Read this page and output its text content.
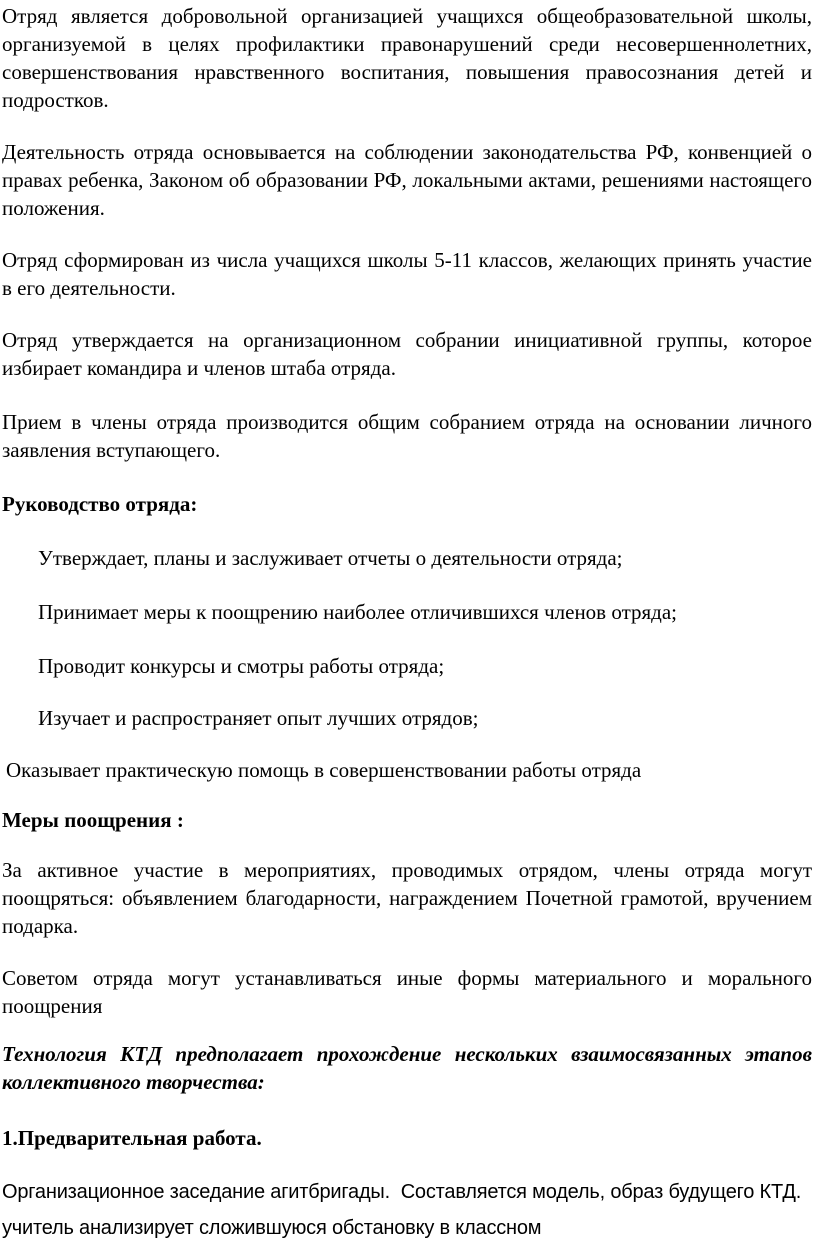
Отряд является добровольной организацией учащихся общеобразовательной школы, организуемой в целях профилактики правонарушений среди несовершеннолетних, совершенствования нравственного воспитания, повышения правосознания детей и подростков.

Деятельность отряда основывается на соблюдении законодательства РФ, конвенцией о правах ребенка, Законом об образовании РФ, локальными актами, решениями настоящего положения.

Отряд сформирован из числа учащихся школы 5-11 классов, желающих принять участие в его деятельности.

Отряд утверждается на организационном собрании инициативной группы, которое избирает командира и членов штаба отряда.

Прием в члены отряда производится общим собранием отряда на основании личного заявления вступающего.

Руководство отряда:

Утверждает, планы и заслуживает отчеты о деятельности отряда;

Принимает меры к поощрению наиболее отличившихся членов отряда;

Проводит конкурсы и смотры работы отряда;

Изучает и распространяет опыт лучших отрядов;

Оказывает практическую помощь в совершенствовании работы отряда

Меры поощрения :

За активное участие в мероприятиях, проводимых отрядом, члены отряда могут поощряться: объявлением благодарности, награждением Почетной грамотой, вручением подарка.

Советом отряда могут устанавливаться иные формы материального и морального поощрения

Технология КТД предполагает прохождение нескольких взаимосвязанных этапов коллективного творчества:

1.Предварительная работа.

Организационное заседание агитбригады. Составляется модель, образ будущего КТД. учитель анализирует сложившуюся обстановку в классном
